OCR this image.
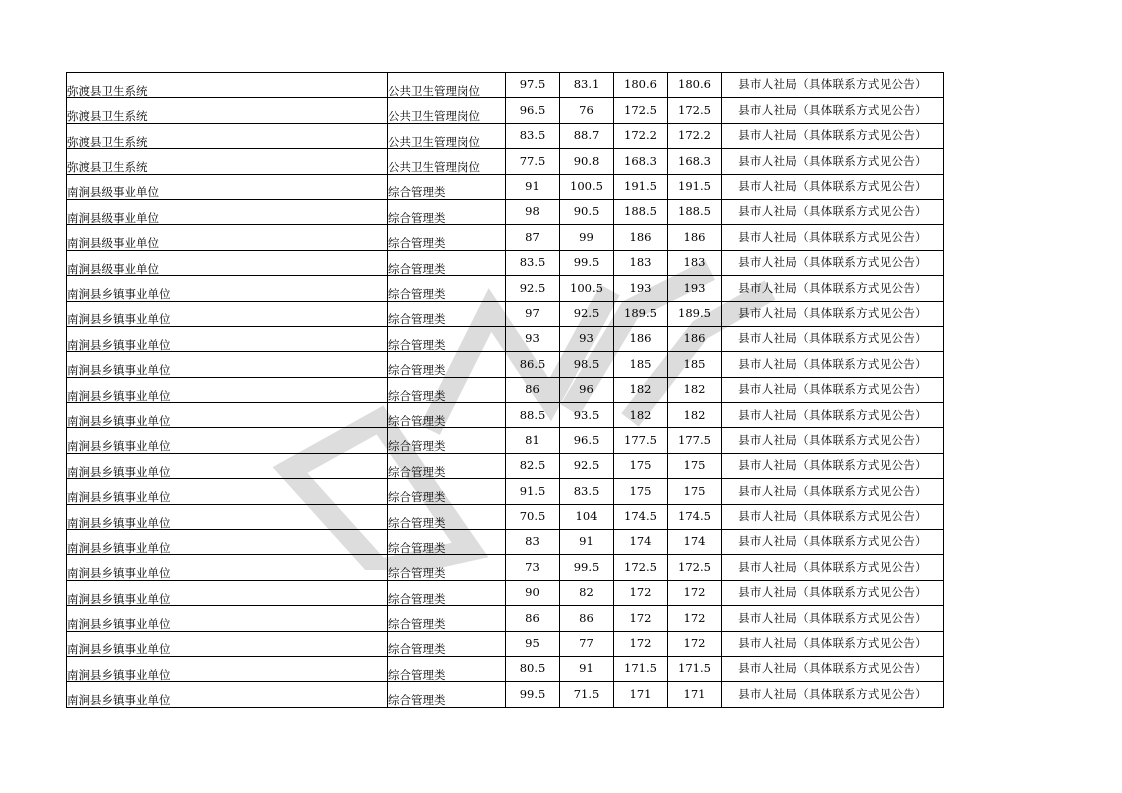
弥渡县卫生系统	公共卫生管理岗位	97.5	83.1	180.6	180.6	县市人社局（具体联系方式见公告）
弥渡县卫生系统	公共卫生管理岗位	96.5	76	172.5	172.5	县市人社局（具体联系方式见公告）
弥渡县卫生系统	公共卫生管理岗位	83.5	88.7	172.2	172.2	县市人社局（具体联系方式见公告）
弥渡县卫生系统	公共卫生管理岗位	77.5	90.8	168.3	168.3	县市人社局（具体联系方式见公告）
南涧县级事业单位	综合管理类	91	100.5	191.5	191.5	县市人社局（具体联系方式见公告）
南涧县级事业单位	综合管理类	98	90.5	188.5	188.5	县市人社局（具体联系方式见公告）
南涧县级事业单位	综合管理类	87	99	186	186	县市人社局（具体联系方式见公告）
南涧县级事业单位	综合管理类	83.5	99.5	183	183	县市人社局（具体联系方式见公告）
南涧县乡镇事业单位	综合管理类	92.5	100.5	193	193	县市人社局（具体联系方式见公告）
南涧县乡镇事业单位	综合管理类	97	92.5	189.5	189.5	县市人社局（具体联系方式见公告）
南涧县乡镇事业单位	综合管理类	93	93	186	186	县市人社局（具体联系方式见公告）
南涧县乡镇事业单位	综合管理类	86.5	98.5	185	185	县市人社局（具体联系方式见公告）
南涧县乡镇事业单位	综合管理类	86	96	182	182	县市人社局（具体联系方式见公告）
南涧县乡镇事业单位	综合管理类	88.5	93.5	182	182	县市人社局（具体联系方式见公告）
南涧县乡镇事业单位	综合管理类	81	96.5	177.5	177.5	县市人社局（具体联系方式见公告）
南涧县乡镇事业单位	综合管理类	82.5	92.5	175	175	县市人社局（具体联系方式见公告）
南涧县乡镇事业单位	综合管理类	91.5	83.5	175	175	县市人社局（具体联系方式见公告）
南涧县乡镇事业单位	综合管理类	70.5	104	174.5	174.5	县市人社局（具体联系方式见公告）
南涧县乡镇事业单位	综合管理类	83	91	174	174	县市人社局（具体联系方式见公告）
南涧县乡镇事业单位	综合管理类	73	99.5	172.5	172.5	县市人社局（具体联系方式见公告）
南涧县乡镇事业单位	综合管理类	90	82	172	172	县市人社局（具体联系方式见公告）
南涧县乡镇事业单位	综合管理类	86	86	172	172	县市人社局（具体联系方式见公告）
南涧县乡镇事业单位	综合管理类	95	77	172	172	县市人社局（具体联系方式见公告）
南涧县乡镇事业单位	综合管理类	80.5	91	171.5	171.5	县市人社局（具体联系方式见公告）
南涧县乡镇事业单位	综合管理类	99.5	71.5	171	171	县市人社局（具体联系方式见公告）
